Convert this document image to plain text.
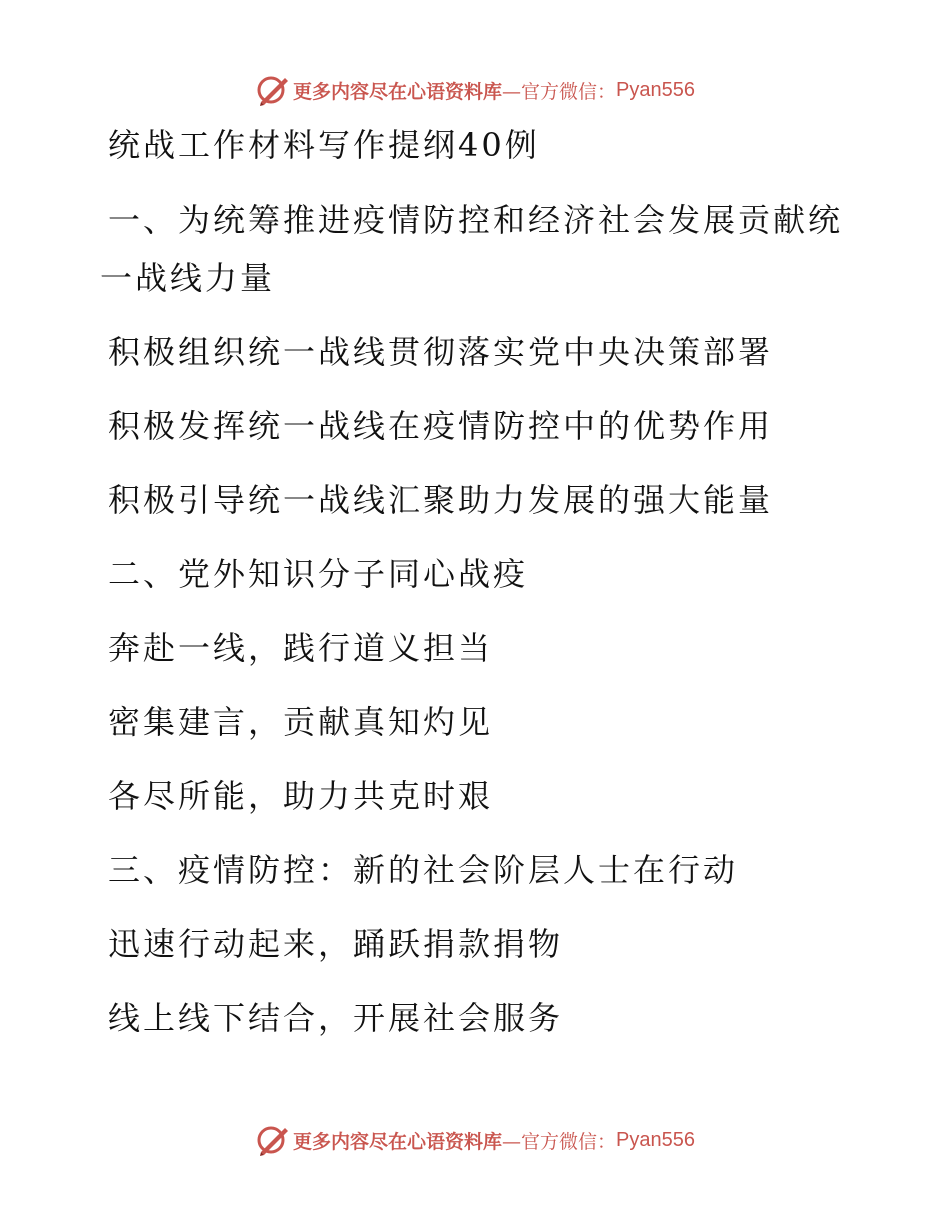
更多内容尽在心语资料库 —官方微信： Pyan556
统战工作材料写作提纲40例
一、为统筹推进疫情防控和经济社会发展贡献统
一战线力量
积极组织统一战线贯彻落实党中央决策部署
积极发挥统一战线在疫情防控中的优势作用
积极引导统一战线汇聚助力发展的强大能量
二、党外知识分子同心战疫
奔赴一线，践行道义担当
密集建言，贡献真知灼见
各尽所能，助力共克时艰
三、疫情防控：新的社会阶层人士在行动
迅速行动起来，踊跃捐款捐物
线上线下结合，开展社会服务
更多内容尽在心语资料库 —官方微信： Pyan556
